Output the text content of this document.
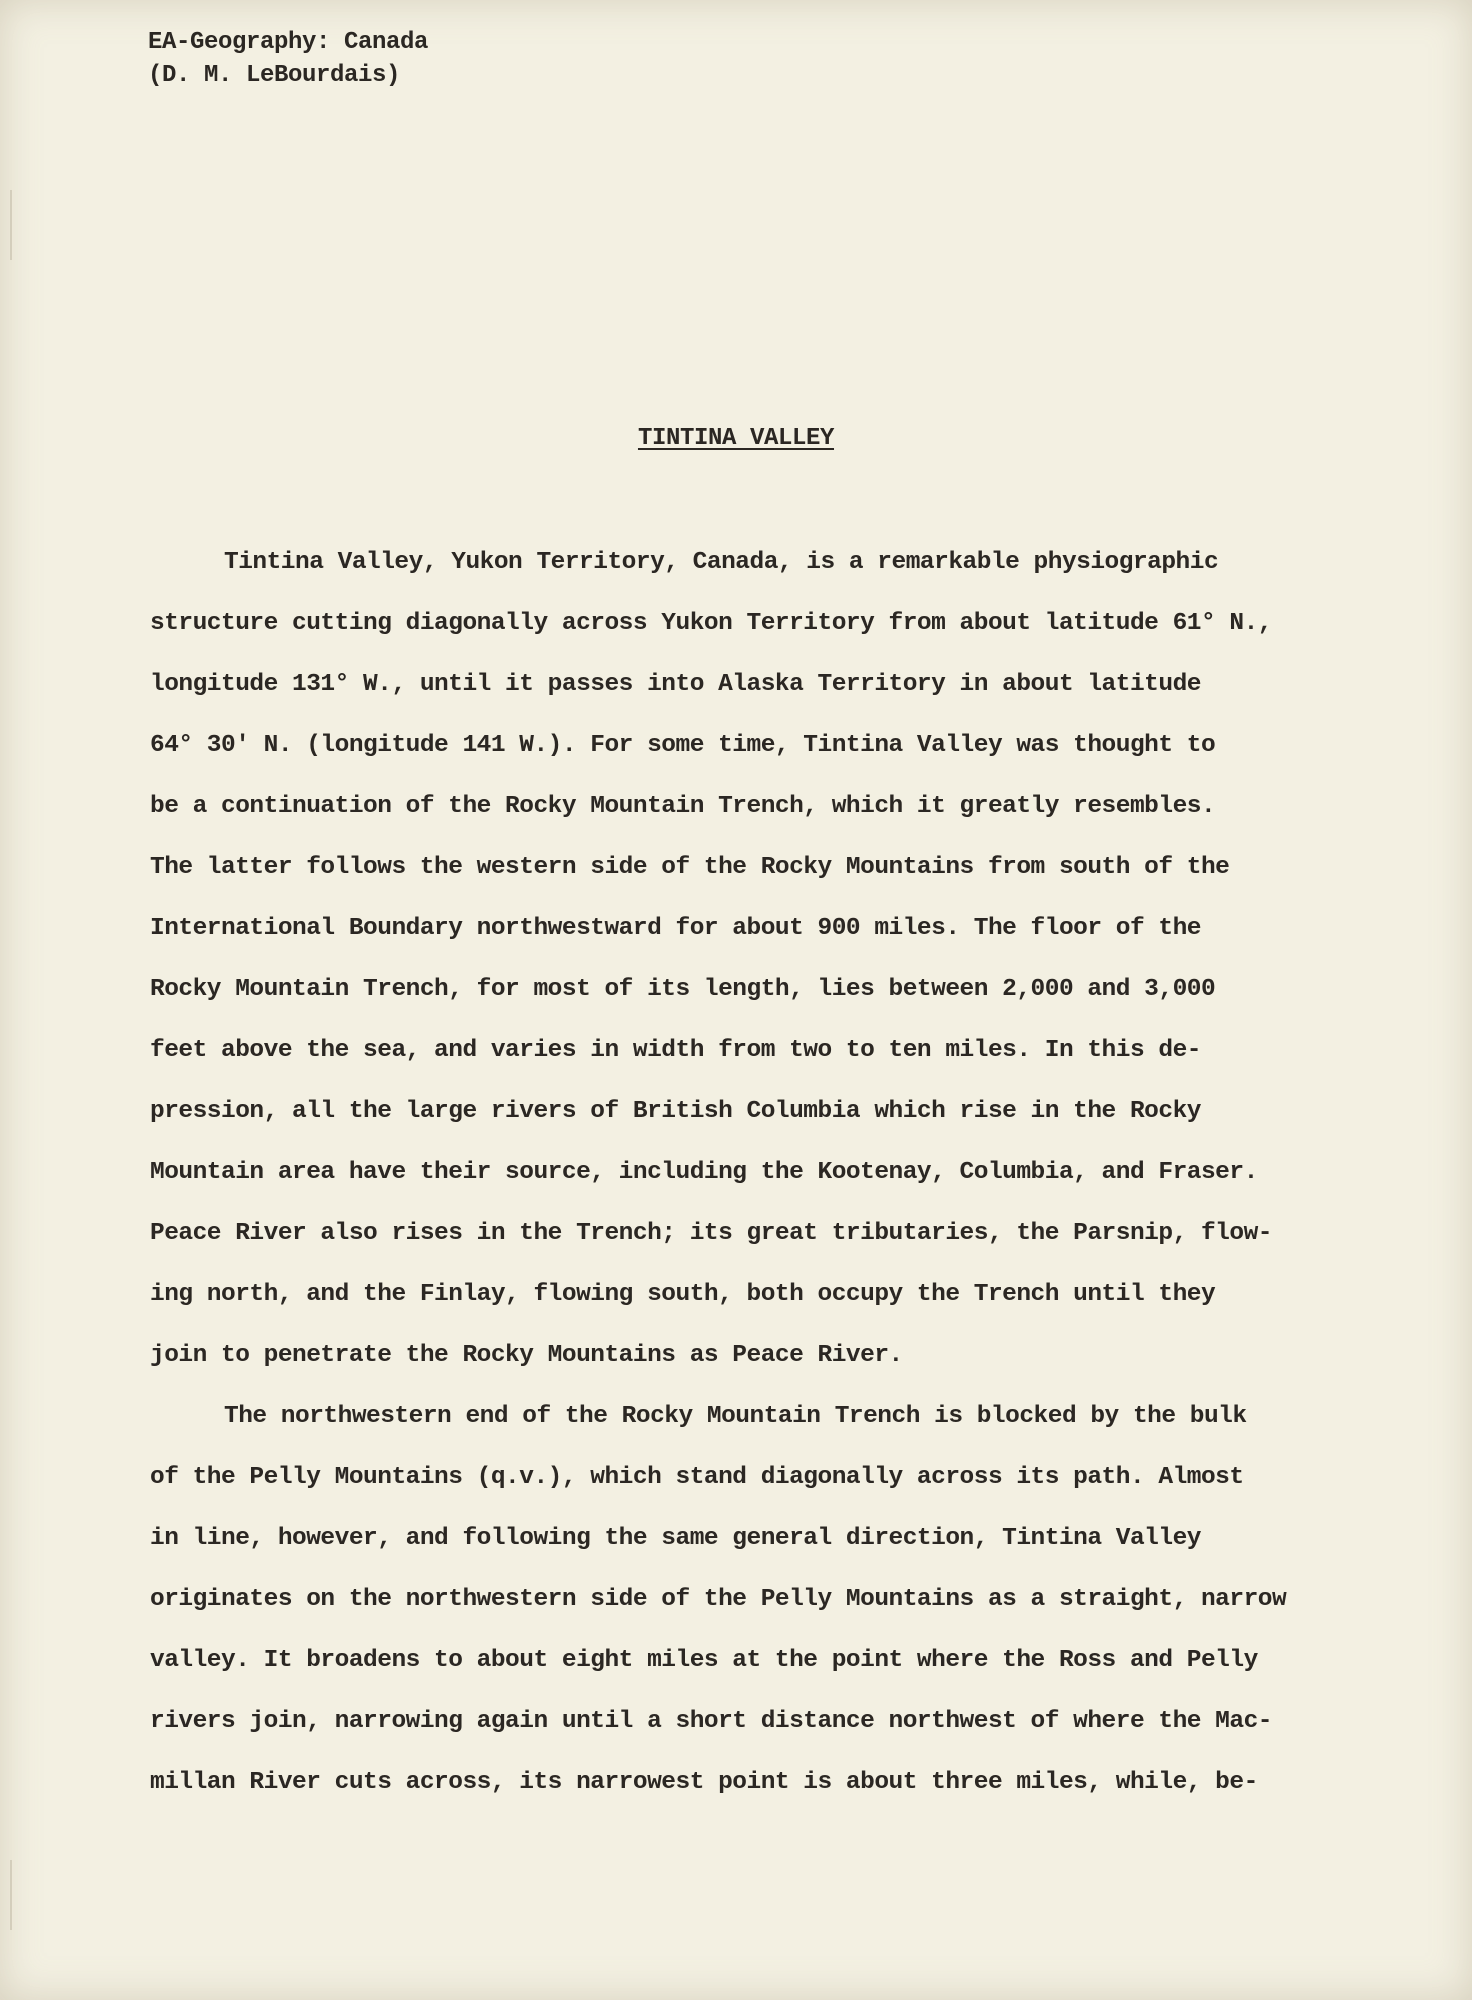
EA-Geography: Canada
(D. M. LeBourdais)
TINTINA VALLEY
Tintina Valley, Yukon Territory, Canada, is a remarkable physiographic
structure cutting diagonally across Yukon Territory from about latitude 61° N.,
longitude 131° W., until it passes into Alaska Territory in about latitude
64° 30' N. (longitude 141 W.). For some time, Tintina Valley was thought to
be a continuation of the Rocky Mountain Trench, which it greatly resembles.
The latter follows the western side of the Rocky Mountains from south of the
International Boundary northwestward for about 900 miles. The floor of the
Rocky Mountain Trench, for most of its length, lies between 2,000 and 3,000
feet above the sea, and varies in width from two to ten miles. In this de-
pression, all the large rivers of British Columbia which rise in the Rocky
Mountain area have their source, including the Kootenay, Columbia, and Fraser.
Peace River also rises in the Trench; its great tributaries, the Parsnip, flow-
ing north, and the Finlay, flowing south, both occupy the Trench until they
join to penetrate the Rocky Mountains as Peace River.
The northwestern end of the Rocky Mountain Trench is blocked by the bulk
of the Pelly Mountains (q.v.), which stand diagonally across its path. Almost
in line, however, and following the same general direction, Tintina Valley
originates on the northwestern side of the Pelly Mountains as a straight, narrow
valley. It broadens to about eight miles at the point where the Ross and Pelly
rivers join, narrowing again until a short distance northwest of where the Mac-
millan River cuts across, its narrowest point is about three miles, while, be-
